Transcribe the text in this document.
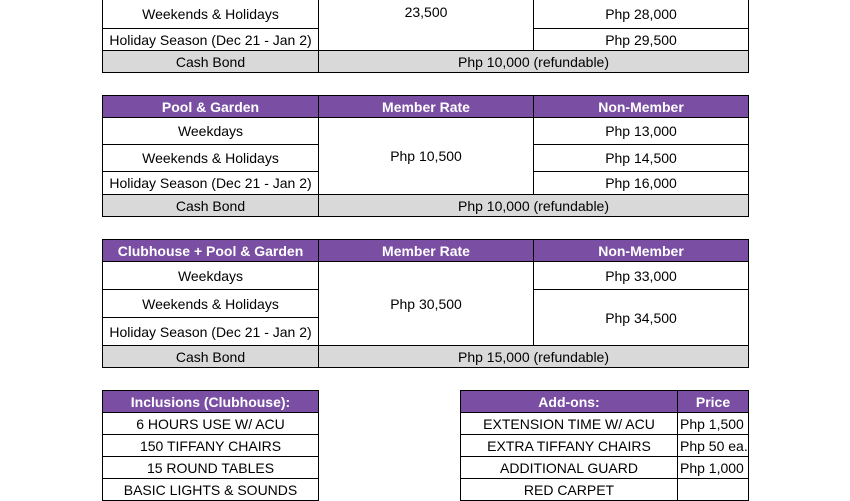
Weekends & Holidays	23,500	Php 28,000
Holiday Season (Dec 21 - Jan 2)		Php 29,500
Cash Bond	Php 10,000 (refundable)	
Pool & Garden	Member Rate	Non-Member
Weekdays	Php 10,500	Php 13,000
Weekends & Holidays		Php 14,500
Holiday Season (Dec 21 - Jan 2)		Php 16,000
Cash Bond	Php 10,000 (refundable)	
Clubhouse + Pool & Garden	Member Rate	Non-Member
Weekdays	Php 30,500	Php 33,000
Weekends & Holidays		Php 34,500
Holiday Season (Dec 21 - Jan 2)		
Cash Bond	Php 15,000 (refundable)	
Inclusions (Clubhouse):
6 HOURS USE W/ ACU
150 TIFFANY CHAIRS
15 ROUND TABLES
BASIC LIGHTS & SOUNDS
Add-ons:	Price
EXTENSION TIME W/ ACU	Php 1,500
EXTRA TIFFANY CHAIRS	Php 50 ea.
ADDITIONAL GUARD	Php 1,000
RED CARPET	
